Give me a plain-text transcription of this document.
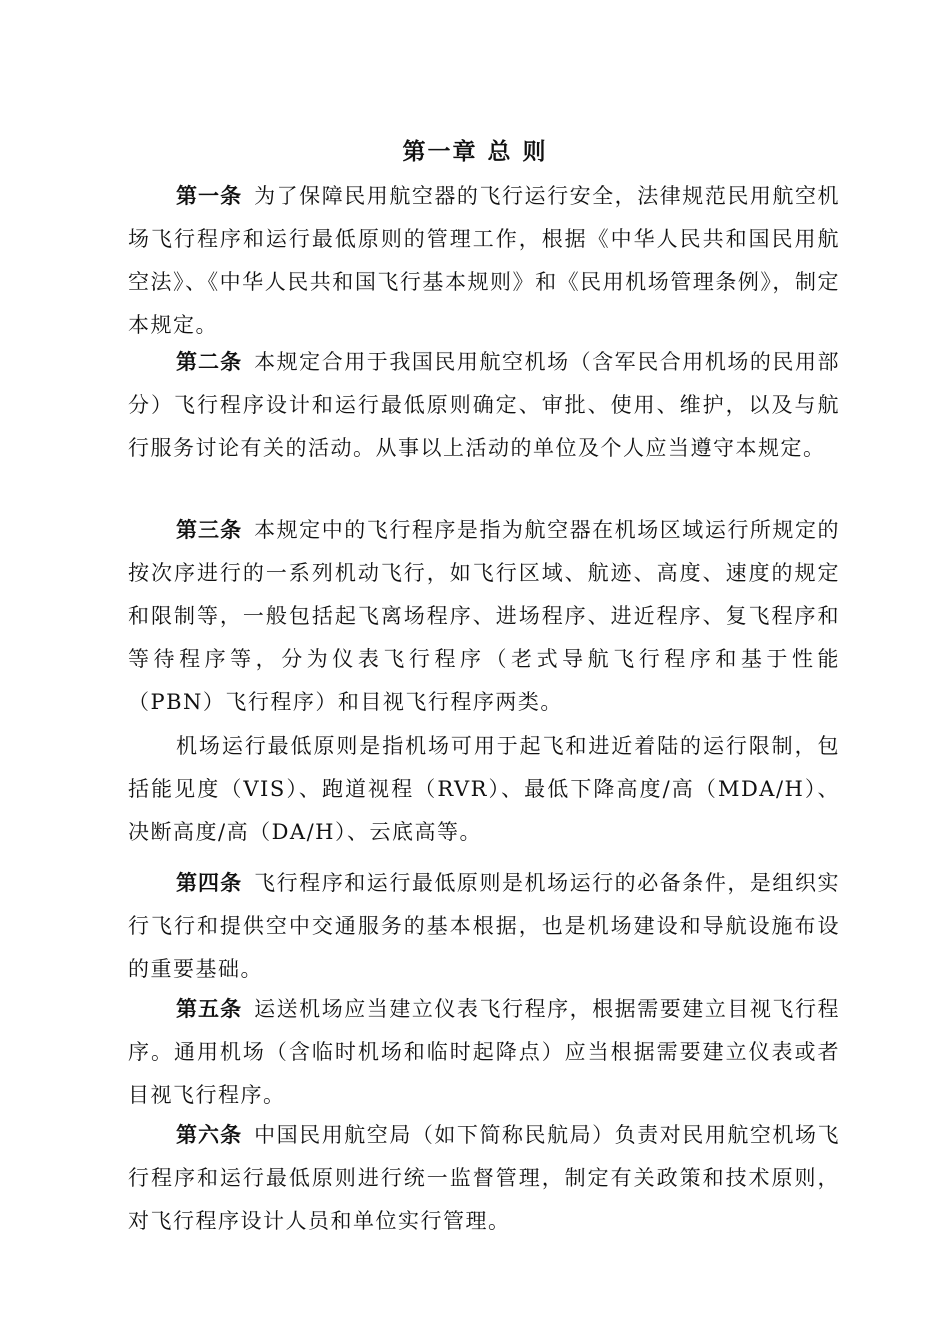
第一章 总 则

第一条 为了保障民用航空器的飞行运行安全，法律规范民用航空机场飞行程序和运行最低原则的管理工作，根据《中华人民共和国民用航空法》、《中华人民共和国飞行基本规则》和《民用机场管理条例》，制定本规定。

第二条 本规定合用于我国民用航空机场（含军民合用机场的民用部分）飞行程序设计和运行最低原则确定、审批、使用、维护，以及与航行服务讨论有关的活动。从事以上活动的单位及个人应当遵守本规定。

第三条 本规定中的飞行程序是指为航空器在机场区域运行所规定的按次序进行的一系列机动飞行，如飞行区域、航迹、高度、速度的规定和限制等，一般包括起飞离场程序、进场程序、进近程序、复飞程序和等待程序等，分为仪表飞行程序（老式导航飞行程序和基于性能（PBN）飞行程序）和目视飞行程序两类。

机场运行最低原则是指机场可用于起飞和进近着陆的运行限制，包括能见度（VIS）、跑道视程（RVR）、最低下降高度/高（MDA/H）、决断高度/高（DA/H）、云底高等。

第四条 飞行程序和运行最低原则是机场运行的必备条件，是组织实行飞行和提供空中交通服务的基本根据，也是机场建设和导航设施布设的重要基础。

第五条 运送机场应当建立仪表飞行程序，根据需要建立目视飞行程序。通用机场（含临时机场和临时起降点）应当根据需要建立仪表或者目视飞行程序。

第六条 中国民用航空局（如下简称民航局）负责对民用航空机场飞行程序和运行最低原则进行统一监督管理，制定有关政策和技术原则，对飞行程序设计人员和单位实行管理。
